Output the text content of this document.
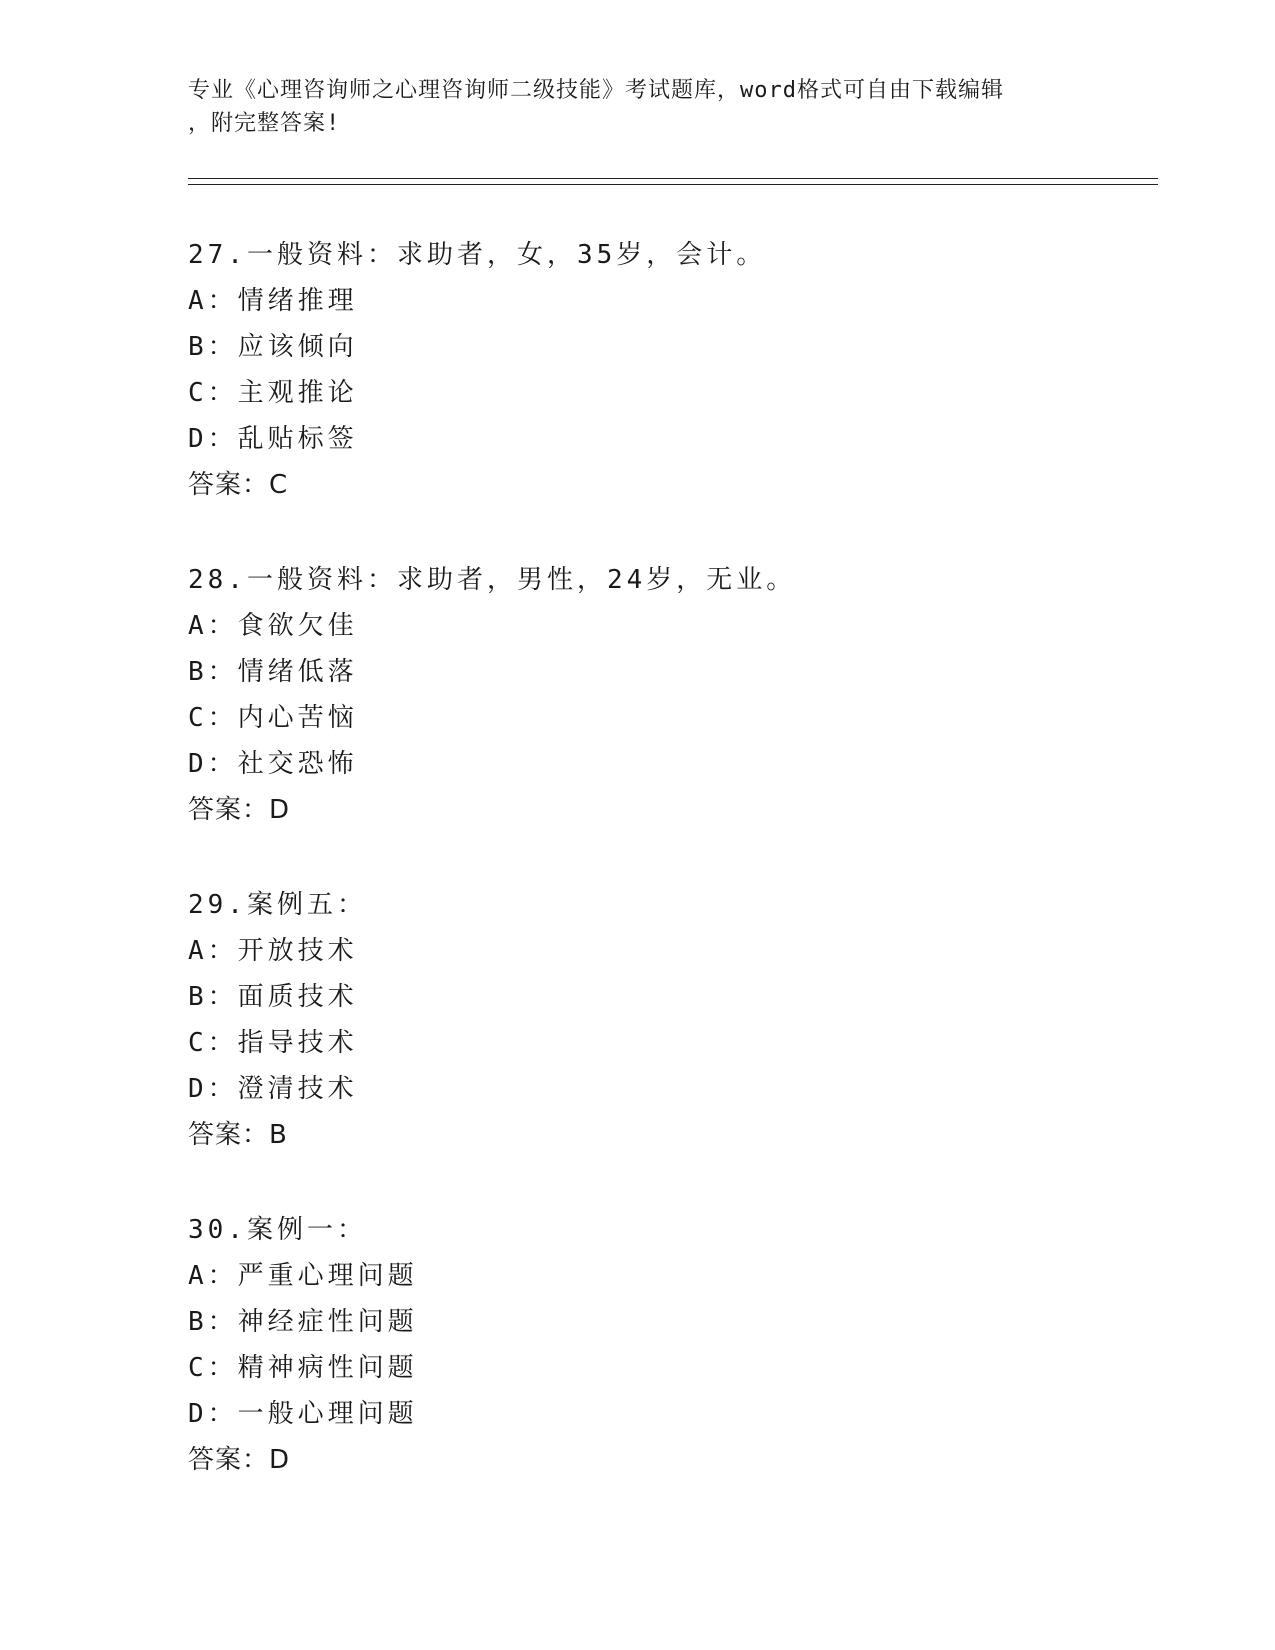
专业《心理咨询师之心理咨询师二级技能》考试题库，word格式可自由下载编辑
，附完整答案!
27.一般资料：求助者，女，35岁，会计。
A：情绪推理
B：应该倾向
C：主观推论
D：乱贴标签
答案：C
28.一般资料：求助者，男性，24岁，无业。
A：食欲欠佳
B：情绪低落
C：内心苦恼
D：社交恐怖
答案：D
29.案例五：
A：开放技术
B：面质技术
C：指导技术
D：澄清技术
答案：B
30.案例一：
A：严重心理问题
B：神经症性问题
C：精神病性问题
D：一般心理问题
答案：D
